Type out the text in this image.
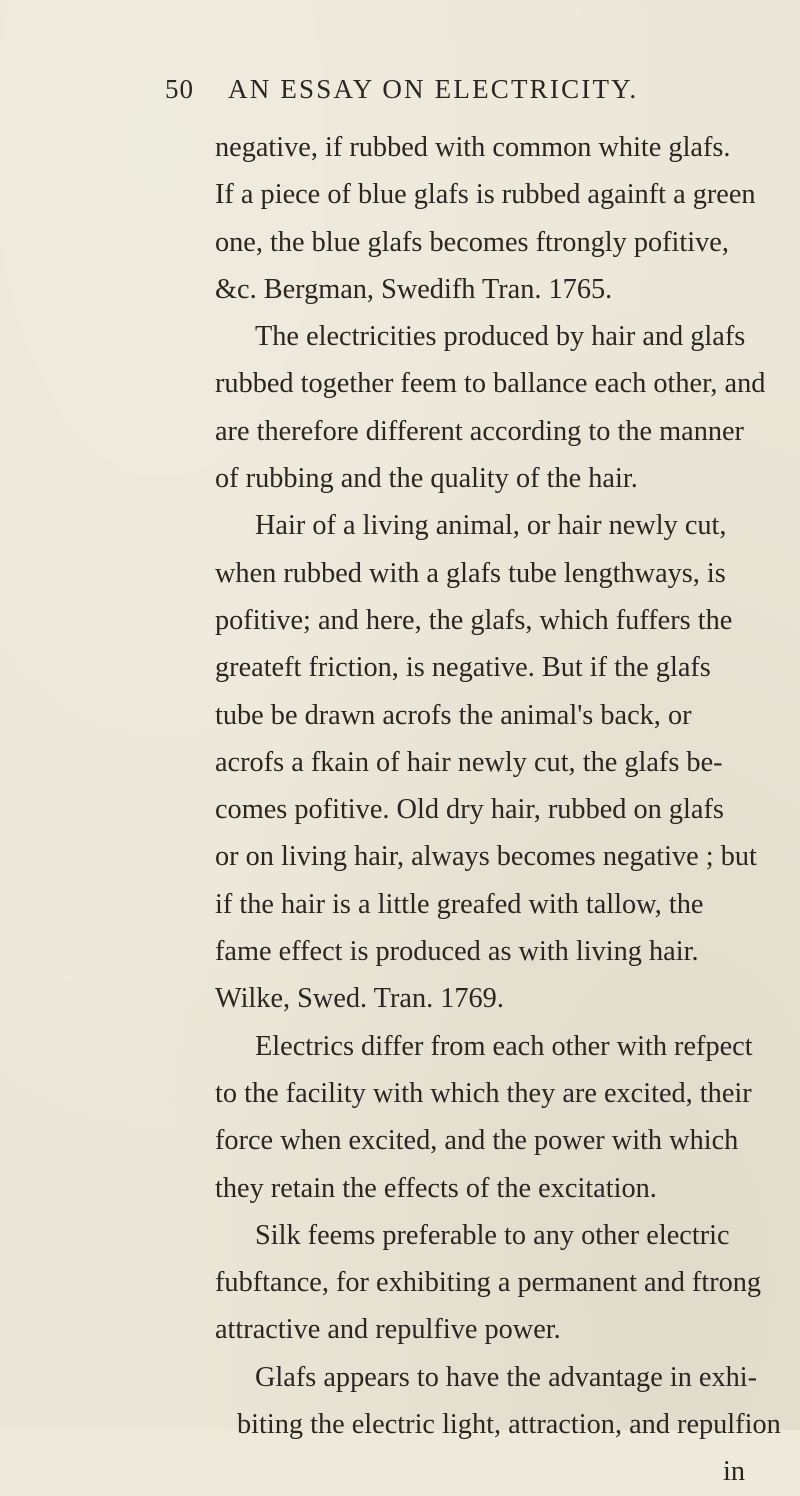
50 AN ESSAY ON ELECTRICITY.
negative, if rubbed with common white glafs.
If a piece of blue glafs is rubbed againft a green
one, the blue glafs becomes ftrongly pofitive,
&c. Bergman, Swedifh Tran. 1765.
The electricities produced by hair and glafs
rubbed together feem to ballance each other, and
are therefore different according to the manner
of rubbing and the quality of the hair.
Hair of a living animal, or hair newly cut,
when rubbed with a glafs tube lengthways, is
pofitive; and here, the glafs, which fuffers the
greateft friction, is negative. But if the glafs
tube be drawn acrofs the animal's back, or
acrofs a fkain of hair newly cut, the glafs be-
comes pofitive. Old dry hair, rubbed on glafs
or on living hair, always becomes negative ; but
if the hair is a little greafed with tallow, the
fame effect is produced as with living hair.
Wilke, Swed. Tran. 1769.
Electrics differ from each other with refpect
to the facility with which they are excited, their
force when excited, and the power with which
they retain the effects of the excitation.
Silk feems preferable to any other electric
fubftance, for exhibiting a permanent and ftrong
attractive and repulfive power.
Glafs appears to have the advantage in exhi-
biting the electric light, attraction, and repulfion
in
